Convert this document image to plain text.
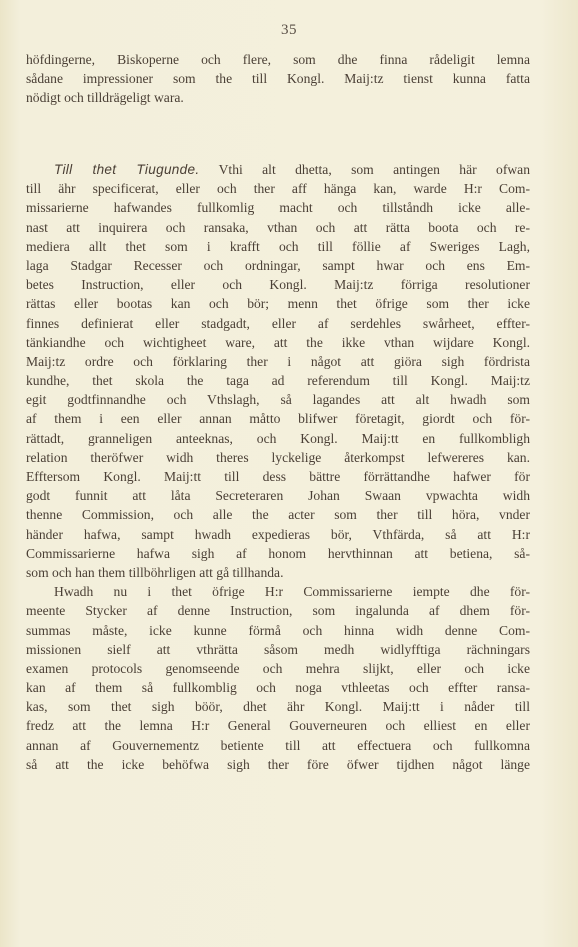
35
höfdingerne, Biskoperne och flere, som dhe finna rådeligit lemna
sådane impressioner som the till Kongl. Maij:tz tienst kunna fatta
nödigt och tilldrägeligt wara.
Till thet Tiugunde. Vthi alt dhetta, som antingen här ofwan
till ähr specificerat, eller och ther aff hänga kan, warde H:r Com-
missarierne hafwandes fullkomlig macht och tillståndh icke alle-
nast att inquirera och ransaka, vthan och att rätta boota och re-
mediera allt thet som i krafft och till föllie af Sweriges Lagh,
laga Stadgar Recesser och ordningar, sampt hwar och ens Em-
betes Instruction, eller och Kongl. Maij:tz förriga resolutioner
rättas eller bootas kan och bör; menn thet öfrige som ther icke
finnes definierat eller stadgadt, eller af serdehles swårheet, effter-
tänkiandhe och wichtigheet ware, att the ikke vthan wijdare Kongl.
Maij:tz ordre och förklaring ther i något att giöra sigh fördrista
kundhe, thet skola the taga ad referendum till Kongl. Maij:tz
egit godtfinnandhe och Vthslagh, så lagandes att alt hwadh som
af them i een eller annan måtto blifwer företagit, giordt och för-
rättadt, granneligen anteeknas, och Kongl. Maij:tt en fullkombligh
relation theröfwer widh theres lyckelige återkompst lefwereres kan.
Efftersom Kongl. Maij:tt till dess bättre förrättandhe hafwer för
godt funnit att låta Secreteraren Johan Swaan vpwachta widh
thenne Commission, och alle the acter som ther till höra, vnder
händer hafwa, sampt hwadh expedieras bör, Vthfärda, så att H:r
Commissarierne hafwa sigh af honom hervthinnan att betiena, så-
som och han them tillböhrligen att gå tillhanda.
Hwadh nu i thet öfrige H:r Commissarierne iempte dhe för-
meente Stycker af denne Instruction, som ingalunda af dhem för-
summas måste, icke kunne förmå och hinna widh denne Com-
missionen sielf att vthrätta såsom medh widlyfftiga rächningars
examen protocols genomseende och mehra slijkt, eller och icke
kan af them så fullkomblig och noga vthleetas och effter ransa-
kas, som thet sigh böör, dhet ähr Kongl. Maij:tt i nåder till
fredz att the lemna H:r General Gouverneuren och elliest en eller
annan af Gouvernementz betiente till att effectuera och fullkomna
så att the icke behöfwa sigh ther före öfwer tijdhen något länge
